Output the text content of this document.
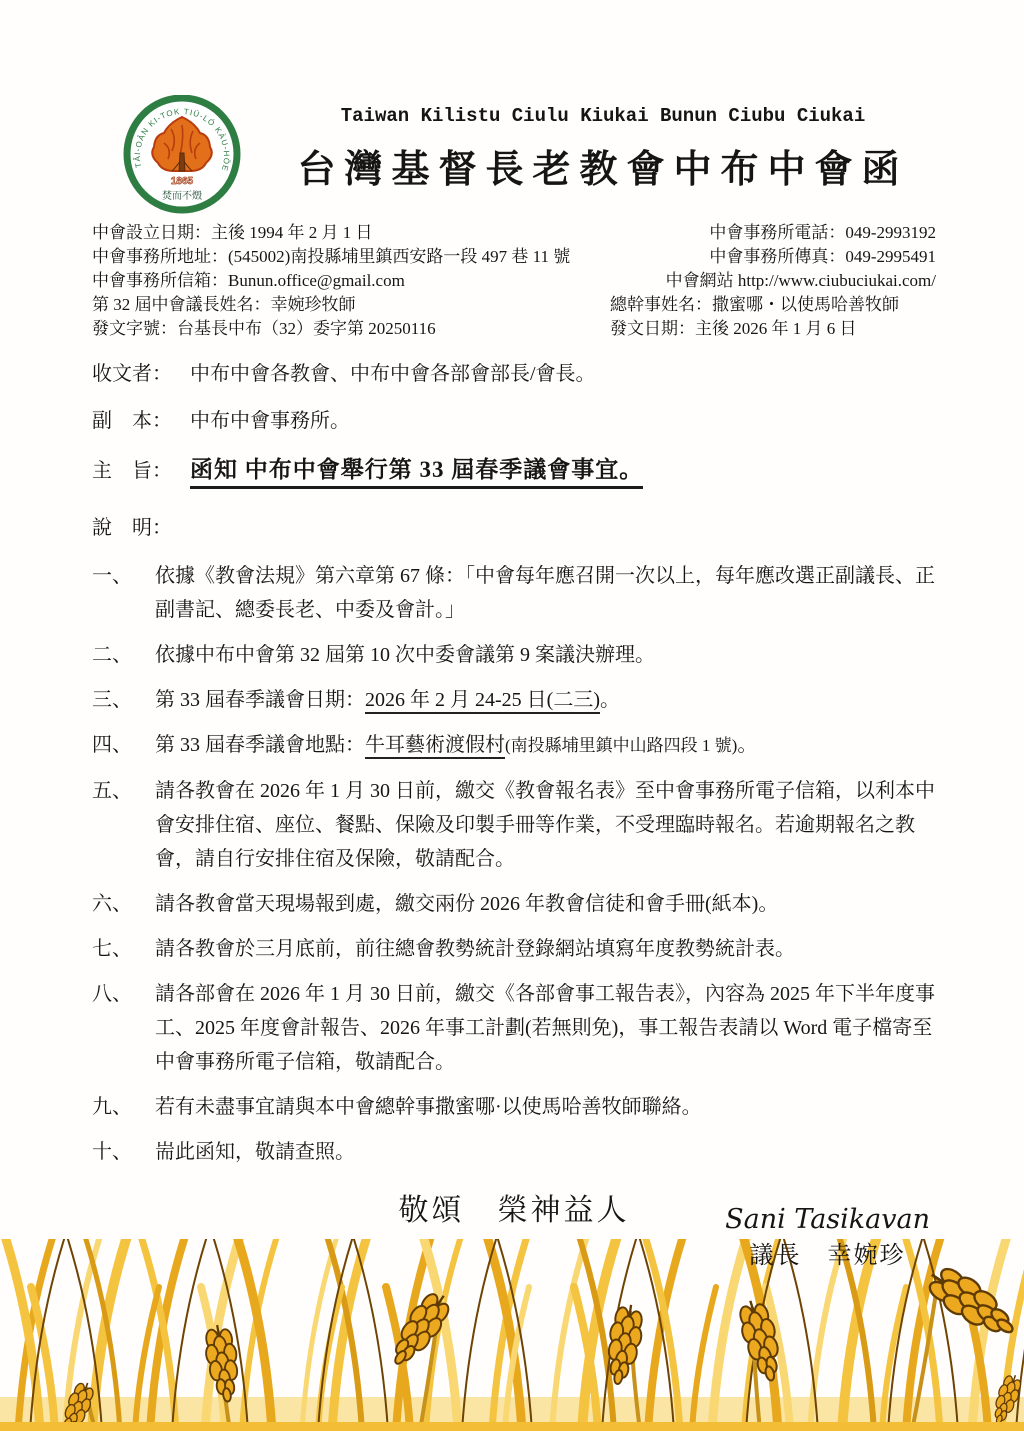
TÂI-OÂN KI-TOK TIÚ-LÓ KÀU-HŌE
1865
焚而不燬
Taiwan Kilistu Ciulu Kiukai Bunun Ciubu Ciukai
台灣基督長老教會中布中會函
中會設立日期：主後 1994 年 2 月 1 日
中會事務所地址：(545002)南投縣埔里鎮西安路一段 497 巷 11 號
中會事務所信箱：Bunun.office@gmail.com
第 32 屆中會議長姓名：幸婉珍牧師
發文字號：台基長中布（32）委字第 20250116
中會事務所電話：049-2993192
中會事務所傳真：049-2995491
中會網站 http://www.ciubuciukai.com/
總幹事姓名：撒蜜哪・以使馬哈善牧師
發文日期：主後 2026 年 1 月 6 日
收文者： 中布中會各教會、中布中會各部會部長/會長。
副　本： 中布中會事務所。
主　旨： 函知 中布中會舉行第 33 屆春季議會事宜。
說　明：
一、	依據《教會法規》第六章第 67 條：「中會每年應召開一次以上，每年應改選正副議長、正副書記、總委長老、中委及會計。」
二、	依據中布中會第 32 屆第 10 次中委會議第 9 案議決辦理。
三、	第 33 屆春季議會日期：2026 年 2 月 24-25 日(二三)。
四、	第 33 屆春季議會地點：牛耳藝術渡假村(南投縣埔里鎮中山路四段 1 號)。
五、	請各教會在 2026 年 1 月 30 日前，繳交《教會報名表》至中會事務所電子信箱，以利本中會安排住宿、座位、餐點、保險及印製手冊等作業，不受理臨時報名。若逾期報名之教會，請自行安排住宿及保險，敬請配合。
六、	請各教會當天現場報到處，繳交兩份 2026 年教會信徒和會手冊(紙本)。
七、	請各教會於三月底前，前往總會教勢統計登錄網站填寫年度教勢統計表。
八、	請各部會在 2026 年 1 月 30 日前，繳交《各部會事工報告表》，內容為 2025 年下半年度事工、2025 年度會計報告、2026 年事工計劃(若無則免)，事工報告表請以 Word 電子檔寄至中會事務所電子信箱，敬請配合。
九、	若有未盡事宜請與本中會總幹事撒蜜哪·以使馬哈善牧師聯絡。
十、	耑此函知，敬請查照。
敬頌　榮神益人	Sani Tasikavan
議長　幸婉珍
